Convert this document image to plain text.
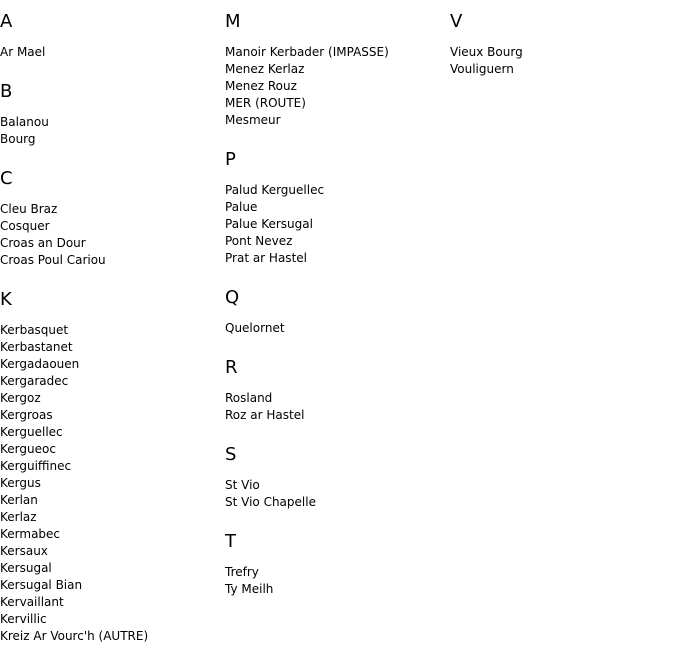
A
Ar Mael
B
Balanou
Bourg
C
Cleu Braz
Cosquer
Croas an Dour
Croas Poul Cariou
K
Kerbasquet
Kerbastanet
Kergadaouen
Kergaradec
Kergoz
Kergroas
Kerguellec
Kergueoc
Kerguiffinec
Kergus
Kerlan
Kerlaz
Kermabec
Kersaux
Kersugal
Kersugal Bian
Kervaillant
Kervillic
Kreiz Ar Vourc'h (AUTRE)
M
Manoir Kerbader (IMPASSE)
Menez Kerlaz
Menez Rouz
MER (ROUTE)
Mesmeur
P
Palud Kerguellec
Palue
Palue Kersugal
Pont Nevez
Prat ar Hastel
Q
Quelornet
R
Rosland
Roz ar Hastel
S
St Vio
St Vio Chapelle
T
Trefry
Ty Meilh
V
Vieux Bourg
Vouliguern
